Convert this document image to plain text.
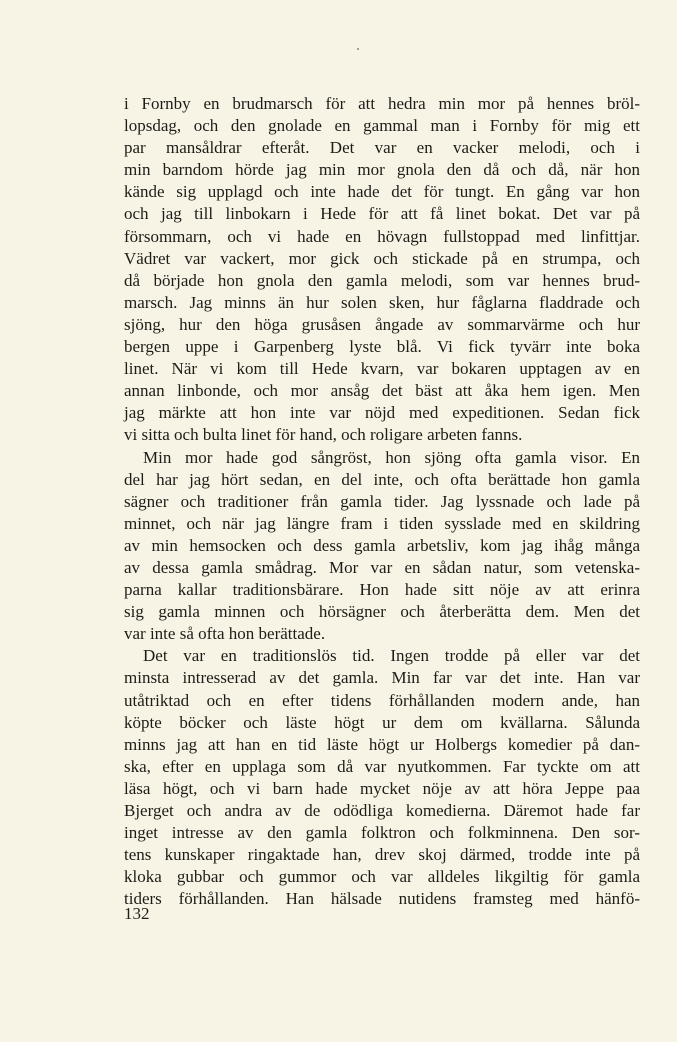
i Fornby en brudmarsch för att hedra min mor på hennes bröl-
lopsdag, och den gnolade en gammal man i Fornby för mig ett
par mansåldrar efteråt. Det var en vacker melodi, och i
min barndom hörde jag min mor gnola den då och då, när hon
kände sig upplagd och inte hade det för tungt. En gång var hon
och jag till linbokarn i Hede för att få linet bokat. Det var på
försommarn, och vi hade en hövagn fullstoppad med linfittjar.
Vädret var vackert, mor gick och stickade på en strumpa, och
då började hon gnola den gamla melodi, som var hennes brud-
marsch. Jag minns än hur solen sken, hur fåglarna fladdrade och
sjöng, hur den höga grusåsen ångade av sommarvärme och hur
bergen uppe i Garpenberg lyste blå. Vi fick tyvärr inte boka
linet. När vi kom till Hede kvarn, var bokaren upptagen av en
annan linbonde, och mor ansåg det bäst att åka hem igen. Men
jag märkte att hon inte var nöjd med expeditionen. Sedan fick
vi sitta och bulta linet för hand, och roligare arbeten fanns.
Min mor hade god sångröst, hon sjöng ofta gamla visor. En
del har jag hört sedan, en del inte, och ofta berättade hon gamla
sägner och traditioner från gamla tider. Jag lyssnade och lade på
minnet, och när jag längre fram i tiden sysslade med en skildring
av min hemsocken och dess gamla arbetsliv, kom jag ihåg många
av dessa gamla smådrag. Mor var en sådan natur, som vetenska-
parna kallar traditionsbärare. Hon hade sitt nöje av att erinra
sig gamla minnen och hörsägner och återberätta dem. Men det
var inte så ofta hon berättade.
Det var en traditionslös tid. Ingen trodde på eller var det
minsta intresserad av det gamla. Min far var det inte. Han var
utåtriktad och en efter tidens förhållanden modern ande, han
köpte böcker och läste högt ur dem om kvällarna. Sålunda
minns jag att han en tid läste högt ur Holbergs komedier på dan-
ska, efter en upplaga som då var nyutkommen. Far tyckte om att
läsa högt, och vi barn hade mycket nöje av att höra Jeppe paa
Bjerget och andra av de odödliga komedierna. Däremot hade far
inget intresse av den gamla folktron och folkminnena. Den sor-
tens kunskaper ringaktade han, drev skoj därmed, trodde inte på
kloka gubbar och gummor och var alldeles likgiltig för gamla
tiders förhållanden. Han hälsade nutidens framsteg med hänfö-
132
